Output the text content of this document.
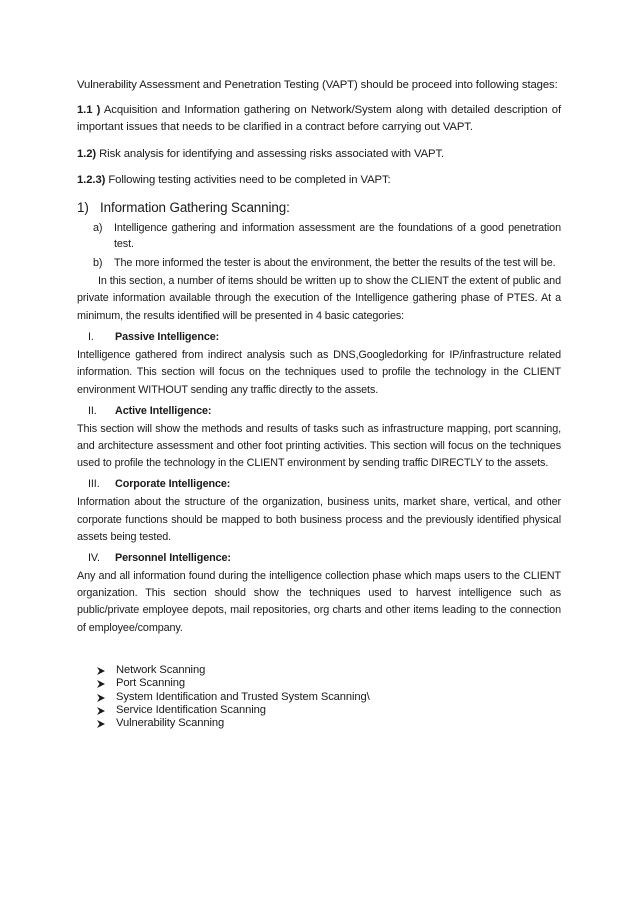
Vulnerability Assessment and Penetration Testing (VAPT) should be proceed into following stages:

1.1 ) Acquisition and Information gathering on Network/System along with detailed description of important issues that needs to be clarified in a contract before carrying out VAPT.

1.2) Risk analysis for identifying and assessing risks associated with VAPT.

1.2.3) Following testing activities need to be completed in VAPT:

1) Information Gathering Scanning:
a) Intelligence gathering and information assessment are the foundations of a good penetration test.
b) The more informed the tester is about the environment, the better the results of the test will be.

In this section, a number of items should be written up to show the CLIENT the extent of public and private information available through the execution of the Intelligence gathering phase of PTES. At a minimum, the results identified will be presented in 4 basic categories:

I. Passive Intelligence:

Intelligence gathered from indirect analysis such as DNS,Googledorking for IP/infrastructure related information. This section will focus on the techniques used to profile the technology in the CLIENT environment WITHOUT sending any traffic directly to the assets.

II. Active Intelligence:

This section will show the methods and results of tasks such as infrastructure mapping, port scanning, and architecture assessment and other foot printing activities. This section will focus on the techniques used to profile the technology in the CLIENT environment by sending traffic DIRECTLY to the assets.

III. Corporate Intelligence:

Information about the structure of the organization, business units, market share, vertical, and other corporate functions should be mapped to both business process and the previously identified physical assets being tested.

IV. Personnel Intelligence:

Any and all information found during the intelligence collection phase which maps users to the CLIENT organization. This section should show the techniques used to harvest intelligence such as public/private employee depots, mail repositories, org charts and other items leading to the connection of employee/company.

Network Scanning
Port Scanning
System Identification and Trusted System Scanning\
Service Identification Scanning
Vulnerability Scanning
